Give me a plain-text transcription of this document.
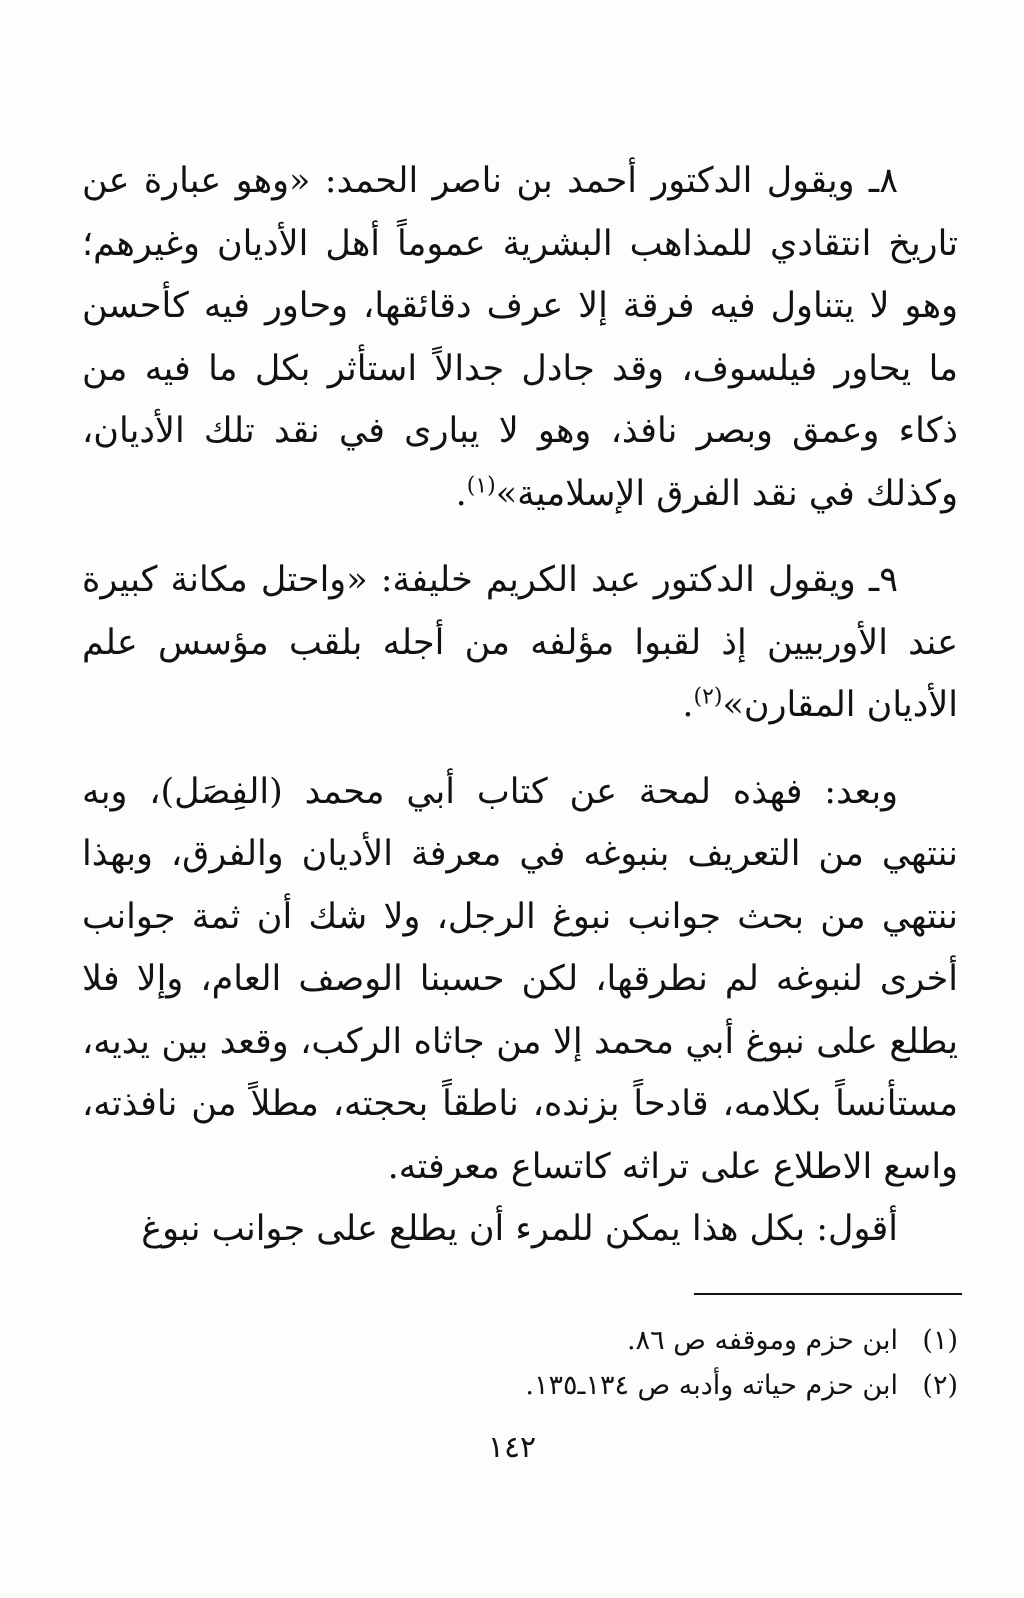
٨ـ ويقول الدكتور أحمد بن ناصر الحمد: «وهو عبارة عن تاريخ انتقادي للمذاهب البشرية عموماً أهل الأديان وغيرهم؛ وهو لا يتناول فيه فرقة إلا عرف دقائقها، وحاور فيه كأحسن ما يحاور فيلسوف، وقد جادل جدالاً استأثر بكل ما فيه من ذكاء وعمق وبصر نافذ، وهو لا يبارى في نقد تلك الأديان، وكذلك في نقد الفرق الإسلامية»$^{(١)}$.

٩ـ ويقول الدكتور عبد الكريم خليفة: «واحتل مكانة كبيرة عند الأوربيين إذ لقبوا مؤلفه من أجله بلقب مؤسس علم الأديان المقارن»$^{(٢)}$.

وبعد: فهذه لمحة عن كتاب أبي محمد (الفِصَل)، وبه ننتهي من التعريف بنبوغه في معرفة الأديان والفرق، وبهذا ننتهي من بحث جوانب نبوغ الرجل، ولا شك أن ثمة جوانب أخرى لنبوغه لم نطرقها، لكن حسبنا الوصف العام، وإلا فلا يطلع على نبوغ أبي محمد إلا من جاثاه الركب، وقعد بين يديه، مستأنساً بكلامه، قادحاً بزنده، ناطقاً بحجته، مطلاً من نافذته، واسع الاطلاع على تراثه كاتساع معرفته.

أقول: بكل هذا يمكن للمرء أن يطلع على جوانب نبوغ

(١)
ابن حزم وموقفه ص ٨٦.
(٢)
ابن حزم حياته وأدبه ص ١٣٤ـ١٣٥.
١٤٢
